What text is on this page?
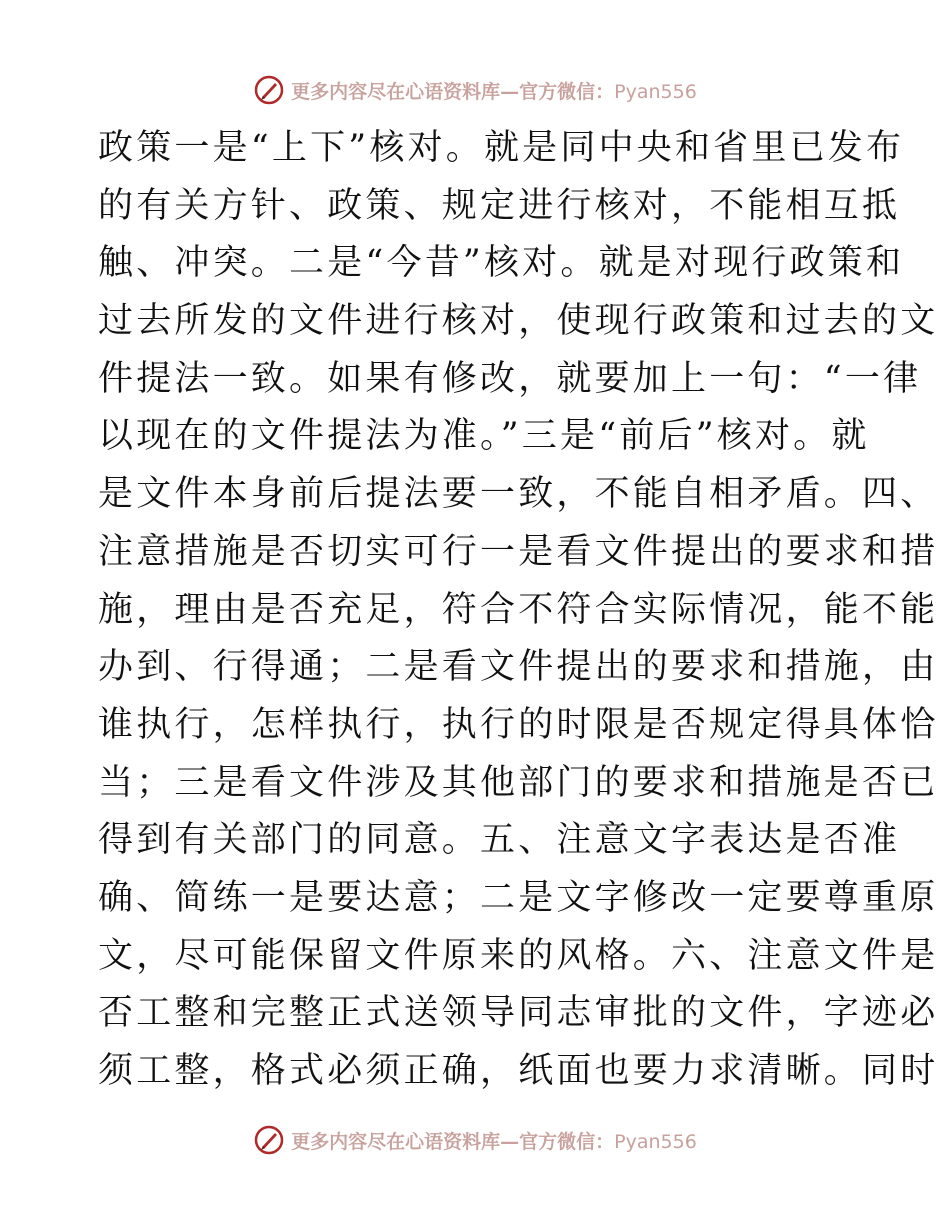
更多内容尽在心语资料库—官方微信：Pyan556
政策一是“上下”核对。就是同中央和省里已发布
的有关方针、政策、规定进行核对，不能相互抵
触、冲突。二是“今昔”核对。就是对现行政策和
过去所发的文件进行核对，使现行政策和过去的文
件提法一致。如果有修改，就要加上一句：“一律
以现在的文件提法为准。”三是“前后”核对。就
是文件本身前后提法要一致，不能自相矛盾。四、
注意措施是否切实可行一是看文件提出的要求和措
施，理由是否充足，符合不符合实际情况，能不能
办到、行得通；二是看文件提出的要求和措施，由
谁执行，怎样执行，执行的时限是否规定得具体恰
当；三是看文件涉及其他部门的要求和措施是否已
得到有关部门的同意。五、注意文字表达是否准
确、简练一是要达意；二是文字修改一定要尊重原
文，尽可能保留文件原来的风格。六、注意文件是
否工整和完整正式送领导同志审批的文件，字迹必
须工整，格式必须正确，纸面也要力求清晰。同时
更多内容尽在心语资料库—官方微信：Pyan556
